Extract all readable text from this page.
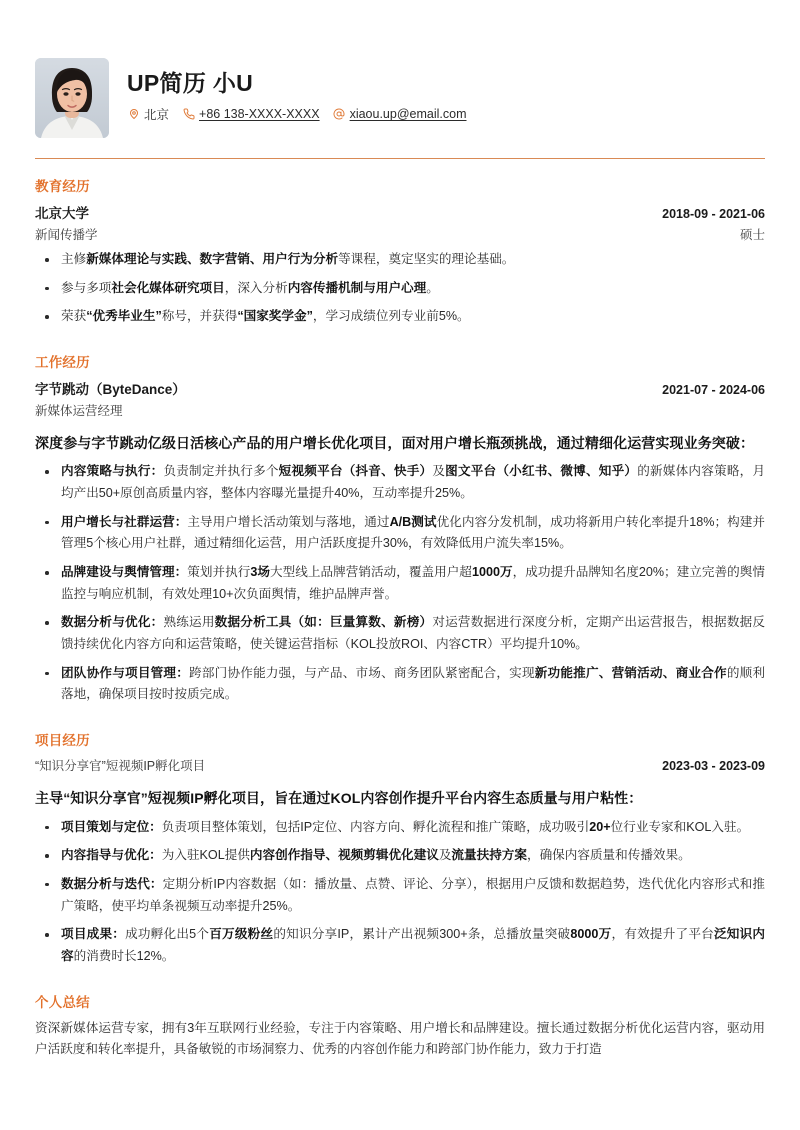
UP简历 小U
北京 +86 138-XXXX-XXXX xiaou.up@email.com
教育经历
北京大学	2018-09 - 2021-06
新闻传播学	硕士
主修新媒体理论与实践、数字营销、用户行为分析等课程，奠定坚实的理论基础。
参与多项社会化媒体研究项目，深入分析内容传播机制与用户心理。
荣获“优秀毕业生”称号，并获得“国家奖学金”，学习成绩位列专业前5%。
工作经历
字节跳动（ByteDance）	2021-07 - 2024-06
新媒体运营经理
深度参与字节跳动亿级日活核心产品的用户增长优化项目，面对用户增长瓶颈挑战，通过精细化运营实现业务突破：
内容策略与执行：负责制定并执行多个短视频平台（抖音、快手）及图文平台（小红书、微博、知乎）的新媒体内容策略，月均产出50+原创高质量内容，整体内容曝光量提升40%，互动率提升25%。
用户增长与社群运营：主导用户增长活动策划与落地，通过A/B测试优化内容分发机制，成功将新用户转化率提升18%；构建并管理5个核心用户社群，通过精细化运营，用户活跃度提升30%，有效降低用户流失率15%。
品牌建设与舆情管理：策划并执行3场大型线上品牌营销活动，覆盖用户超1000万，成功提升品牌知名度20%；建立完善的舆情监控与响应机制，有效处理10+次负面舆情，维护品牌声誉。
数据分析与优化：熟练运用数据分析工具（如：巨量算数、新榜）对运营数据进行深度分析，定期产出运营报告，根据数据反馈持续优化内容方向和运营策略，使关键运营指标（KOL投放ROI、内容CTR）平均提升10%。
团队协作与项目管理：跨部门协作能力强，与产品、市场、商务团队紧密配合，实现新功能推广、营销活动、商业合作的顺利落地，确保项目按时按质完成。
项目经历
“知识分享官”短视频IP孵化项目	2023-03 - 2023-09
主导“知识分享官”短视频IP孵化项目，旨在通过KOL内容创作提升平台内容生态质量与用户粘性：
项目策划与定位：负责项目整体策划，包括IP定位、内容方向、孵化流程和推广策略，成功吸引20+位行业专家和KOL入驻。
内容指导与优化：为入驻KOL提供内容创作指导、视频剪辑优化建议及流量扶持方案，确保内容质量和传播效果。
数据分析与迭代：定期分析IP内容数据（如：播放量、点赞、评论、分享），根据用户反馈和数据趋势，迭代优化内容形式和推广策略，使平均单条视频互动率提升25%。
项目成果：成功孵化出5个百万级粉丝的知识分享IP，累计产出视频300+条，总播放量突破8000万，有效提升了平台泛知识内容的消费时长12%。
个人总结
资深新媒体运营专家，拥有3年互联网行业经验，专注于内容策略、用户增长和品牌建设。擅长通过数据分析优化运营内容，驱动用户活跃度和转化率提升，具备敏锐的市场洞察力、优秀的内容创作能力和跨部门协作能力，致力于打造
